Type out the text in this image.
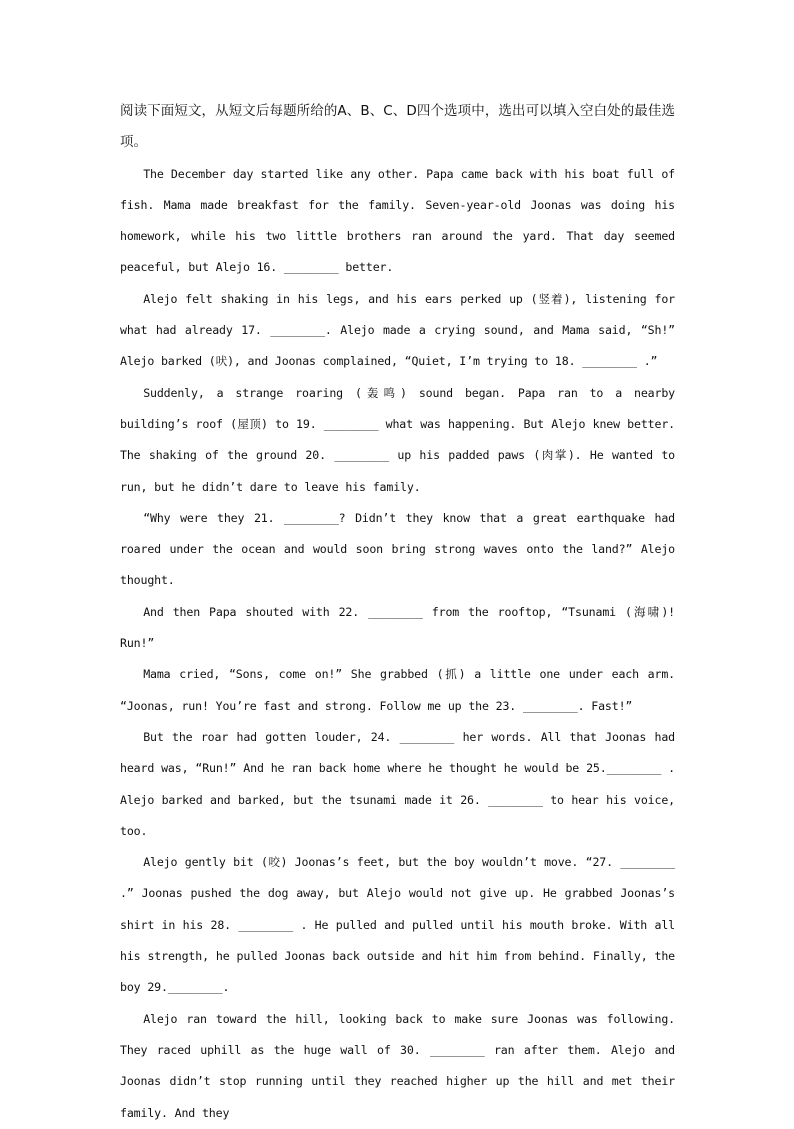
阅读下面短文，从短文后每题所给的A、B、C、D四个选项中，选出可以填入空白处的最佳选项。

The December day started like any other. Papa came back with his boat full of fish. Mama made breakfast for the family. Seven-year-old Joonas was doing his homework, while his two little brothers ran around the yard. That day seemed peaceful, but Alejo 16. ________ better.

Alejo felt shaking in his legs, and his ears perked up (竖着), listening for what had already 17. ________. Alejo made a crying sound, and Mama said, “Sh!” Alejo barked (吠), and Joonas complained, “Quiet, I’m trying to 18. ________ .”

Suddenly, a strange roaring (轰鸣) sound began. Papa ran to a nearby building’s roof (屋顶) to 19. ________ what was happening. But Alejo knew better. The shaking of the ground 20. ________ up his padded paws (肉掌). He wanted to run, but he didn’t dare to leave his family.

“Why were they 21. ________? Didn’t they know that a great earthquake had roared under the ocean and would soon bring strong waves onto the land?” Alejo thought.

And then Papa shouted with 22. ________ from the rooftop, “Tsunami (海啸)! Run!”

Mama cried, “Sons, come on!” She grabbed (抓) a little one under each arm. “Joonas, run! You’re fast and strong. Follow me up the 23. ________. Fast!”

But the roar had gotten louder, 24. ________ her words. All that Joonas had heard was, “Run!” And he ran back home where he thought he would be 25.________ . Alejo barked and barked, but the tsunami made it 26. ________ to hear his voice, too.

Alejo gently bit (咬) Joonas’s feet, but the boy wouldn’t move. “27. ________ .” Joonas pushed the dog away, but Alejo would not give up. He grabbed Joonas’s shirt in his 28. ________ . He pulled and pulled until his mouth broke. With all his strength, he pulled Joonas back outside and hit him from behind. Finally, the boy 29.________.

Alejo ran toward the hill, looking back to make sure Joonas was following. They raced uphill as the huge wall of 30. ________ ran after them. Alejo and Joonas didn’t stop running until they reached higher up the hill and met their family. And they
